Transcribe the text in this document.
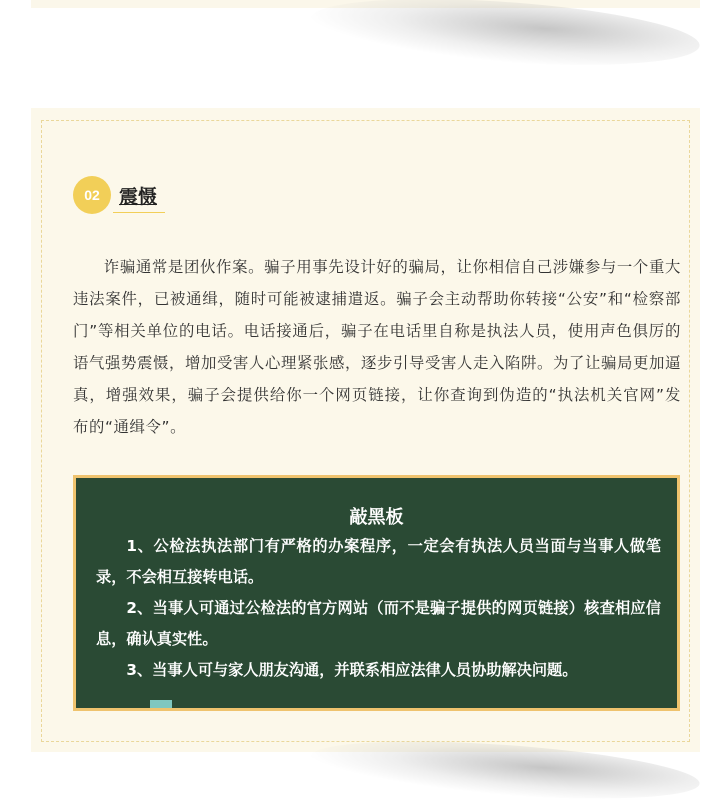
02	震慑

诈骗通常是团伙作案。骗子用事先设计好的骗局，让你相信自己涉嫌参与一个重大违法案件，已被通缉，随时可能被逮捕遣返。骗子会主动帮助你转接“公安”和“检察部门”等相关单位的电话。电话接通后，骗子在电话里自称是执法人员，使用声色俱厉的语气强势震慑，增加受害人心理紧张感，逐步引导受害人走入陷阱。为了让骗局更加逼真，增强效果，骗子会提供给你一个网页链接，让你查询到伪造的“执法机关官网”发布的“通缉令”。

敲黑板

1、公检法执法部门有严格的办案程序，一定会有执法人员当面与当事人做笔录，不会相互接转电话。

2、当事人可通过公检法的官方网站（而不是骗子提供的网页链接）核查相应信息，确认真实性。

3、当事人可与家人朋友沟通，并联系相应法律人员协助解决问题。
